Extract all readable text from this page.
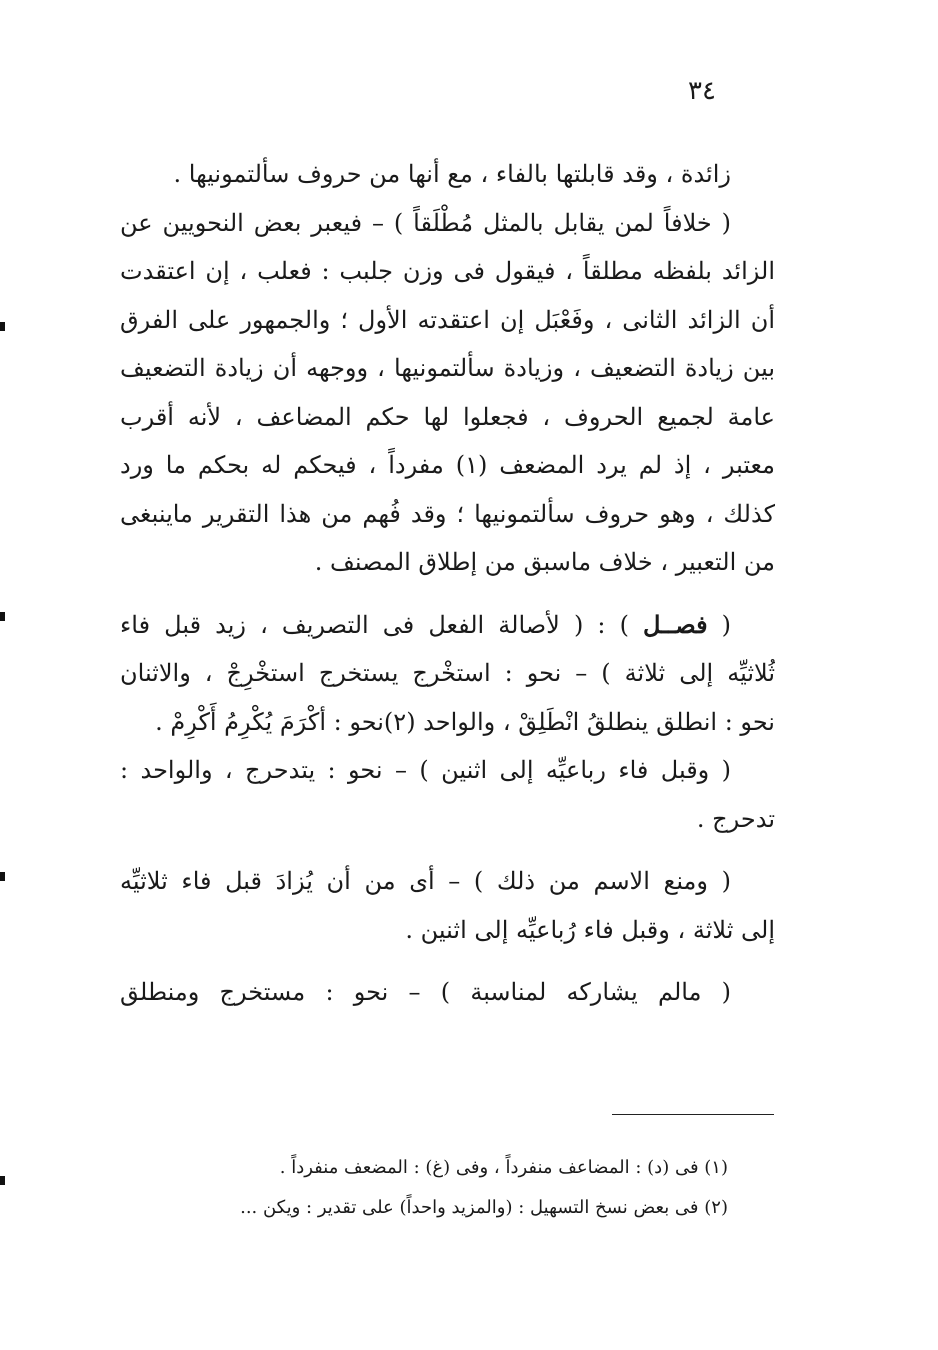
٣٤
زائدة ، وقد قابلتها بالفاء ، مع أنها من حروف سألتمونيها .
( خلافاً لمن يقابل بالمثل مُطْلَقاً ) – فيعبر بعض النحويين عن
الزائد بلفظه مطلقاً ، فيقول فى وزن جلبب : فعلب ، إن اعتقدت
أن الزائد الثانى ، وفَعْبَل إن اعتقدته الأول ؛ والجمهور على الفرق
بين زيادة التضعيف ، وزيادة سألتمونيها ، ووجهه أن زيادة التضعيف
عامة لجميع الحروف ، فجعلوا لها حكم المضاعف ، لأنه أقرب
معتبر ، إذ لم يرد المضعف (١) مفرداً ، فيحكم له بحكم ما ورد
كذلك ، وهو حروف سألتمونيها ؛ وقد فُهم من هذا التقرير ماينبغى
من التعبير ، خلاف ماسبق من إطلاق المصنف .
( فصــل ) : ( لأصالة الفعل فى التصريف ، زيد قبل فاء
ثُلاثيِّه إلى ثلاثة ) – نحو : استخْرج يستخرج استخْرِجْ ، والاثنان
نحو : انطلق ينطلقُ انْطَلِقْ ، والواحد (٢)نحو : أكْرَمَ يُكْرِمُ أَكْرِمْ .
( وقبل فاء رباعيِّه إلى اثنين ) – نحو : يتدحرج ، والواحد :
تدحرج .
( ومنع الاسم من ذلك ) – أى من أن يُزادَ قبل فاء ثلاثيِّه
إلى ثلاثة ، وقبل فاء رُباعيِّه إلى اثنين .
( مالم يشاركه لمناسبة ) – نحو : مستخرج ومنطلق
(١) فى (د) : المضاعف منفرداً ، وفى (غ) : المضعف منفرداً .
(٢) فى بعض نسخ التسهيل : (والمزيد واحداً) على تقدير : ويكن ...
